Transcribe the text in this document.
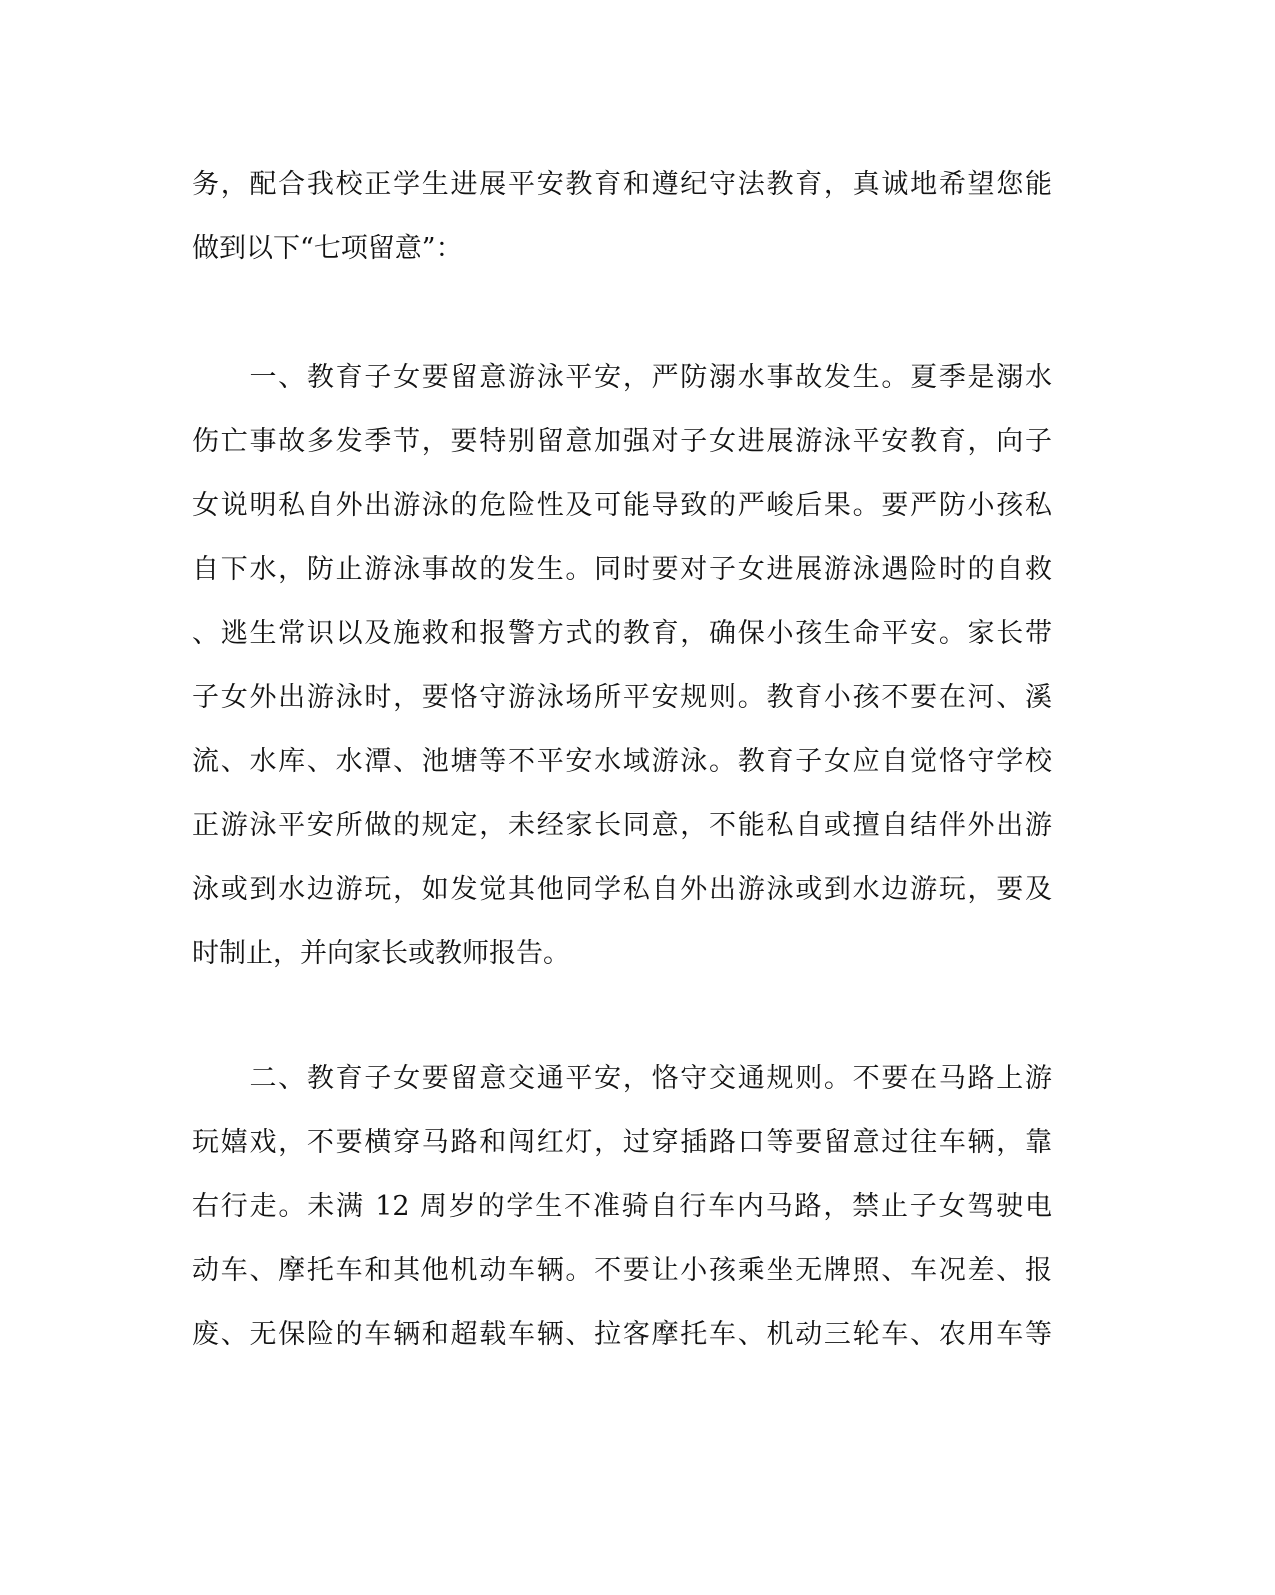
务，配合我校正学生进展平安教育和遵纪守法教育，真诚地希望您能
做到以下“七项留意”：
　　一、教育子女要留意游泳平安，严防溺水事故发生。夏季是溺水
伤亡事故多发季节，要特别留意加强对子女进展游泳平安教育，向子
女说明私自外出游泳的危险性及可能导致的严峻后果。要严防小孩私
自下水，防止游泳事故的发生。同时要对子女进展游泳遇险时的自救
、逃生常识以及施救和报警方式的教育，确保小孩生命平安。家长带
子女外出游泳时，要恪守游泳场所平安规则。教育小孩不要在河、溪
流、水库、水潭、池塘等不平安水域游泳。教育子女应自觉恪守学校
正游泳平安所做的规定，未经家长同意，不能私自或擅自结伴外出游
泳或到水边游玩，如发觉其他同学私自外出游泳或到水边游玩，要及
时制止，并向家长或教师报告。
　　二、教育子女要留意交通平安，恪守交通规则。不要在马路上游
玩嬉戏，不要横穿马路和闯红灯，过穿插路口等要留意过往车辆，靠
右行走。未满 12 周岁的学生不准骑自行车内马路，禁止子女驾驶电
动车、摩托车和其他机动车辆。不要让小孩乘坐无牌照、车况差、报
废、无保险的车辆和超载车辆、拉客摩托车、机动三轮车、农用车等
